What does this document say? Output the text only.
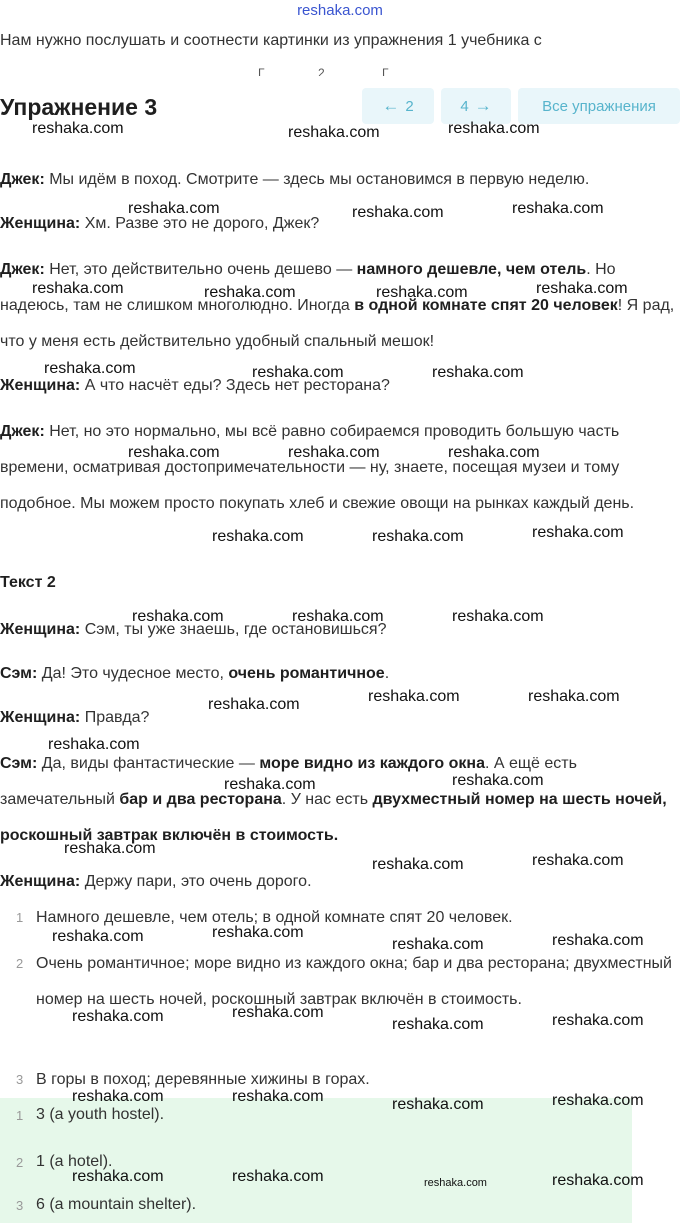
reshaka.com
Нам нужно послушать и соотнести картинки из упражнения 1 учебника с
Г	2	Г
Упражнение 3	← 2	4 →	Все упражнения
Джек: Мы идём в поход. Смотрите — здесь мы остановимся в первую неделю.
Женщина: Хм. Разве это не дорого, Джек?
Джек: Нет, это действительно очень дешево — намного дешевле, чем отель. Но надеюсь, там не слишком многолюдно. Иногда в одной комнате спят 20 человек! Я рад, что у меня есть действительно удобный спальный мешок!
Женщина: А что насчёт еды? Здесь нет ресторана?
Джек: Нет, но это нормально, мы всё равно собираемся проводить большую часть времени, осматривая достопримечательности — ну, знаете, посещая музеи и тому подобное. Мы можем просто покупать хлеб и свежие овощи на рынках каждый день.
Текст 2
Женщина: Сэм, ты уже знаешь, где остановишься?
Сэм: Да! Это чудесное место, очень романтичное.
Женщина: Правда?
Сэм: Да, виды фантастические — море видно из каждого окна. А ещё есть замечательный бар и два ресторана. У нас есть двухместный номер на шесть ночей, роскошный завтрак включён в стоимость.
Женщина: Держу пари, это очень дорого.
1 Намного дешевле, чем отель; в одной комнате спят 20 человек.
2 Очень романтичное; море видно из каждого окна; бар и два ресторана; двухместный номер на шесть ночей, роскошный завтрак включён в стоимость.
3 В горы в поход; деревянные хижины в горах.
1 3 (a youth hostel).
2 1 (a hotel).
3 6 (a mountain shelter).
reshaka.com	reshaka.com	reshaka.com
reshaka.com	reshaka.com	reshaka.com
reshaka.com	reshaka.com	reshaka.com	reshaka.com
reshaka.com	reshaka.com	reshaka.com
reshaka.com	reshaka.com	reshaka.com
reshaka.com	reshaka.com	reshaka.com
reshaka.com	reshaka.com	reshaka.com
reshaka.com	reshaka.com
reshaka.com
reshaka.com
reshaka.com	reshaka.com
reshaka.com
reshaka.com	reshaka.com
reshaka.com	reshaka.com
reshaka.com	reshaka.com
reshaka.com	reshaka.com
reshaka.com	reshaka.com
reshaka.com	reshaka.com	reshaka.com	reshaka.com
reshaka.com	reshaka.com	reshaka.com	reshaka.com
